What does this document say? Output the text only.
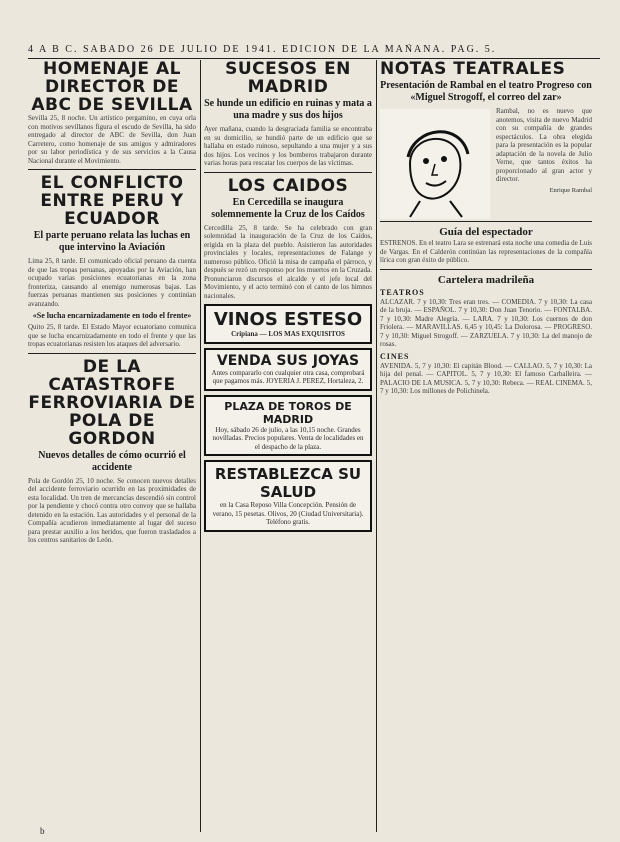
4 A B C. SABADO 26 DE JULIO DE 1941. EDICION DE LA MAÑANA. PAG. 5.
HOMENAJE AL DIRECTOR DE ABC DE SEVILLA
Sevilla 25, 8 noche. Un artístico pergamino, en cuya orla con motivos sevillanos figura el escudo de Sevilla, ha sido entregado al director de ABC de Sevilla, don Juan Carretero, como homenaje de sus amigos y admiradores por su labor periodística y de sus servicios a la Causa Nacional durante el Movimiento.
EL CONFLICTO ENTRE PERU Y ECUADOR
El parte peruano relata las luchas en que intervino la Aviación
Lima 25, 8 tarde. El comunicado oficial peruano da cuenta de que las tropas peruanas, apoyadas por la Aviación, han ocupado varias posiciones ecuatorianas en la zona fronteriza, causando al enemigo numerosas bajas. Las fuerzas peruanas mantienen sus posiciones y continúan avanzando.
«Se lucha encarnizadamente en todo el frente»
Quito 25, 8 tarde. El Estado Mayor ecuatoriano comunica que se lucha encarnizadamente en todo el frente y que las tropas ecuatorianas resisten los ataques del adversario.
DE LA CATASTROFE FERROVIARIA DE POLA DE GORDON
Nuevos detalles de cómo ocurrió el accidente
Pola de Gordón 25, 10 noche. Se conocen nuevos detalles del accidente ferroviario ocurrido en las proximidades de esta localidad. Un tren de mercancías descendió sin control por la pendiente y chocó contra otro convoy que se hallaba detenido en la estación. Las autoridades y el personal de la Compañía acudieron inmediatamente al lugar del suceso para prestar auxilio a los heridos, que fueron trasladados a los centros sanitarios de León.
SUCESOS EN MADRID
Se hunde un edificio en ruinas y mata a una madre y sus dos hijos
Ayer mañana, cuando la desgraciada familia se encontraba en su domicilio, se hundió parte de un edificio que se hallaba en estado ruinoso, sepultando a una mujer y a sus dos hijos. Los vecinos y los bomberos trabajaron durante varias horas para rescatar los cuerpos de las víctimas.
LOS CAIDOS
En Cercedilla se inaugura solemnemente la Cruz de los Caídos
Cercedilla 25, 8 tarde. Se ha celebrado con gran solemnidad la inauguración de la Cruz de los Caídos, erigida en la plaza del pueblo. Asistieron las autoridades provinciales y locales, representaciones de Falange y numeroso público. Ofició la misa de campaña el párroco, y después se rezó un responso por los muertos en la Cruzada. Pronunciaron discursos el alcalde y el jefe local del Movimiento, y el acto terminó con el canto de los himnos nacionales.
VINOS ESTESO
Cripiana — LOS MAS EXQUISITOS
VENDA SUS JOYAS
Antes compararlo con cualquier otra casa, comprobará que pagamos más. JOYERIA J. PEREZ, Hortaleza, 2.
PLAZA DE TOROS DE MADRID
Hoy, sábado 26 de julio, a las 10,15 noche. Grandes novilladas. Precios populares. Venta de localidades en el despacho de la plaza.
RESTABLEZCA SU SALUD
en la Casa Reposo Villa Concepción. Pensión de verano, 15 pesetas. Olivos, 20 (Ciudad Universitaria). Teléfono gratis.
NOTAS TEATRALES
Presentación de Rambal en el teatro Progreso con «Miguel Strogoff, el correo del zar»
Rambal, no es nuevo que anotemos, visita de nuevo Madrid con su compañía de grandes espectáculos. La obra elegida para la presentación es la popular adaptación de la novela de Julio Verne, que tantos éxitos ha proporcionado al gran actor y director.
Enrique Rambal
Guía del espectador
ESTRENOS. En el teatro Lara se estrenará esta noche una comedia de Luis de Vargas. En el Calderón continúan las representaciones de la compañía lírica con gran éxito de público.
Cartelera madrileña
TEATROS
ALCAZAR. 7 y 10,30: Tres eran tres. — COMEDIA. 7 y 10,30: La casa de la bruja. — ESPAÑOL. 7 y 10,30: Don Juan Tenorio. — FONTALBA. 7 y 10,30: Madre Alegría. — LARA. 7 y 10,30: Los cuernos de don Friolera. — MARAVILLAS. 6,45 y 10,45: La Dolorosa. — PROGRESO. 7 y 10,30: Miguel Strogoff. — ZARZUELA. 7 y 10,30: La del manojo de rosas.
CINES
AVENIDA. 5, 7 y 10,30: El capitán Blood. — CALLAO. 5, 7 y 10,30: La hija del penal. — CAPITOL. 5, 7 y 10,30: El famoso Carballeira. — PALACIO DE LA MUSICA. 5, 7 y 10,30: Rebeca. — REAL CINEMA. 5, 7 y 10,30: Los millones de Polichinela.
b
